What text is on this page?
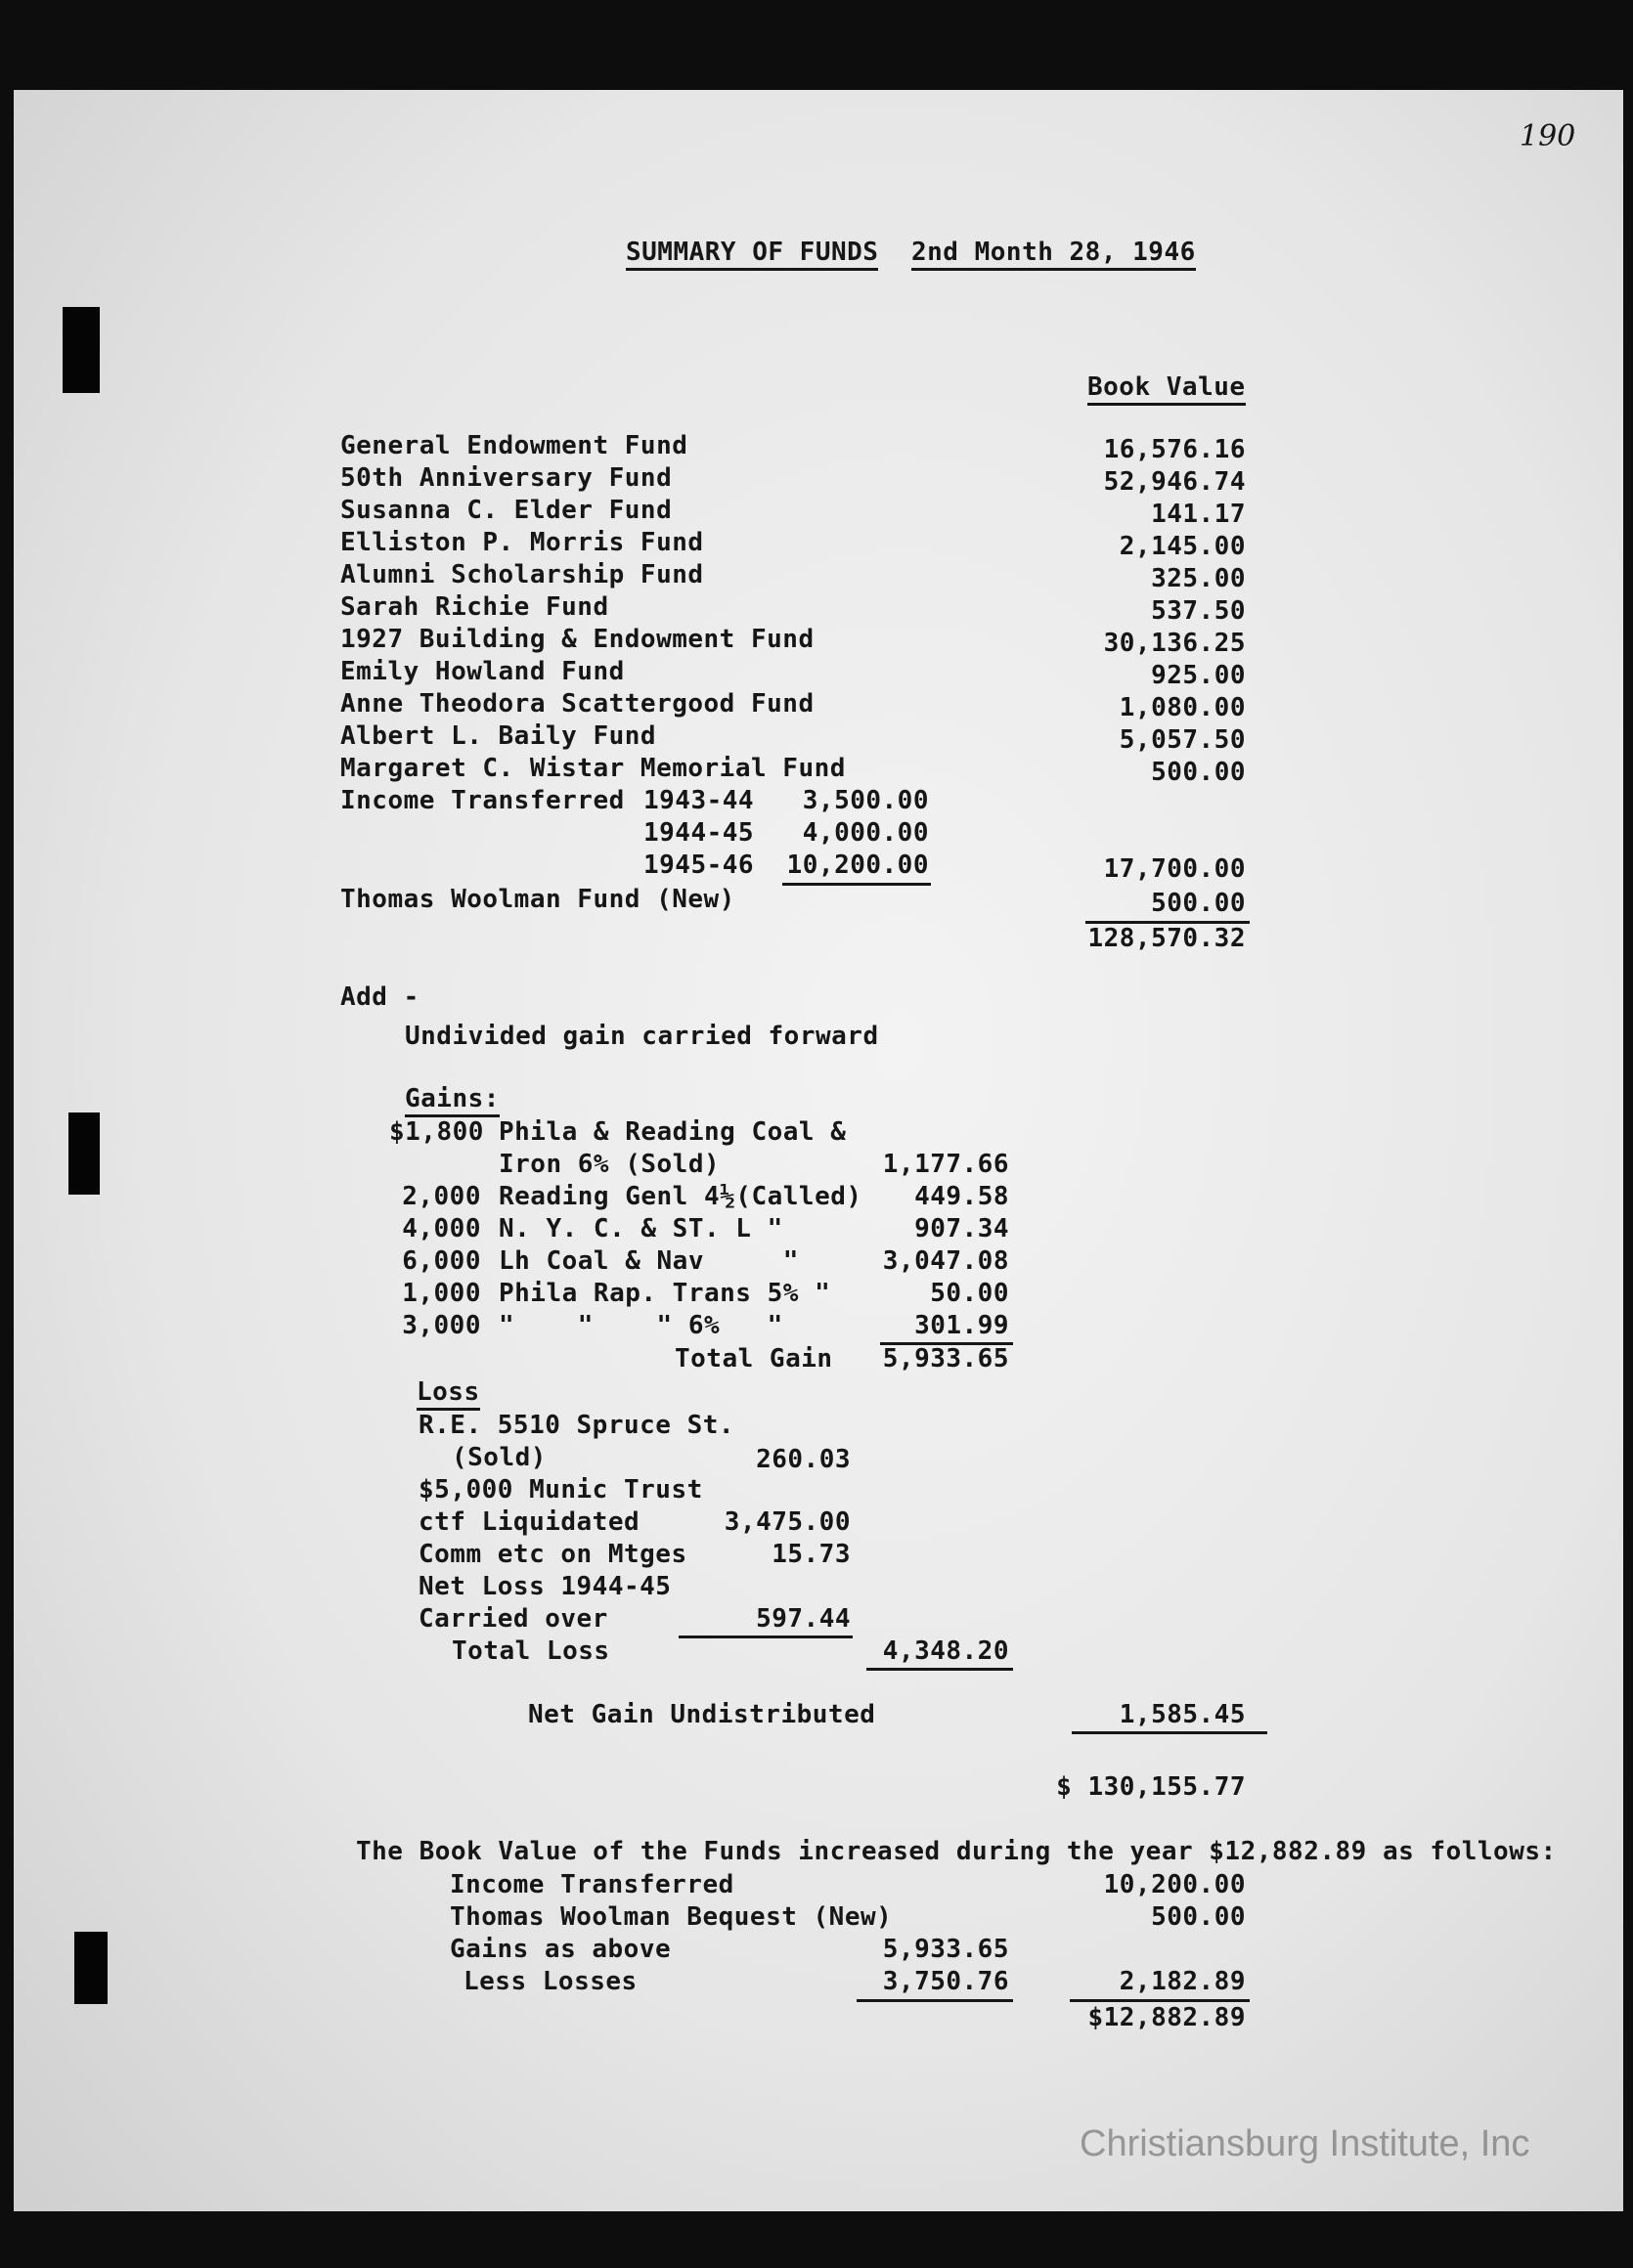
190
SUMMARY OF FUNDS 2nd Month 28, 1946
Book Value
General Endowment Fund	16,576.16
50th Anniversary Fund	52,946.74
Susanna C. Elder Fund	141.17
Elliston P. Morris Fund	2,145.00
Alumni Scholarship Fund	325.00
Sarah Richie Fund	537.50
1927 Building & Endowment Fund	30,136.25
Emily Howland Fund	925.00
Anne Theodora Scattergood Fund	1,080.00
Albert L. Baily Fund	5,057.50
Margaret C. Wistar Memorial Fund	500.00
Income Transferred 1943-44	3,500.00
1944-45	4,000.00
1945-46	10,200.00	17,700.00
Thomas Woolman Fund (New)	500.00
128,570.32
Add -
Undivided gain carried forward
Gains:
$1,800 Phila & Reading Coal &
Iron 6% (Sold)	1,177.66
2,000 Reading Genl 4½(Called)	449.58
4,000 N. Y. C. & ST. L "	907.34
6,000 Lh Coal & Nav     "	3,047.08
1,000 Phila Rap. Trans 5% "	50.00
3,000 "    "    " 6%   "	301.99
Total Gain	5,933.65
Loss
R.E. 5510 Spruce St.
(Sold)	260.03
$5,000 Munic Trust
ctf Liquidated	3,475.00
Comm etc on Mtges	15.73
Net Loss 1944-45
Carried over	597.44
Total Loss	4,348.20
Net Gain Undistributed	1,585.45
$ 130,155.77
The Book Value of the Funds increased during the year $12,882.89 as follows:
Income Transferred	10,200.00
Thomas Woolman Bequest (New)	500.00
Gains as above	5,933.65
Less Losses	3,750.76	2,182.89
$12,882.89
Christiansburg Institute, Inc
